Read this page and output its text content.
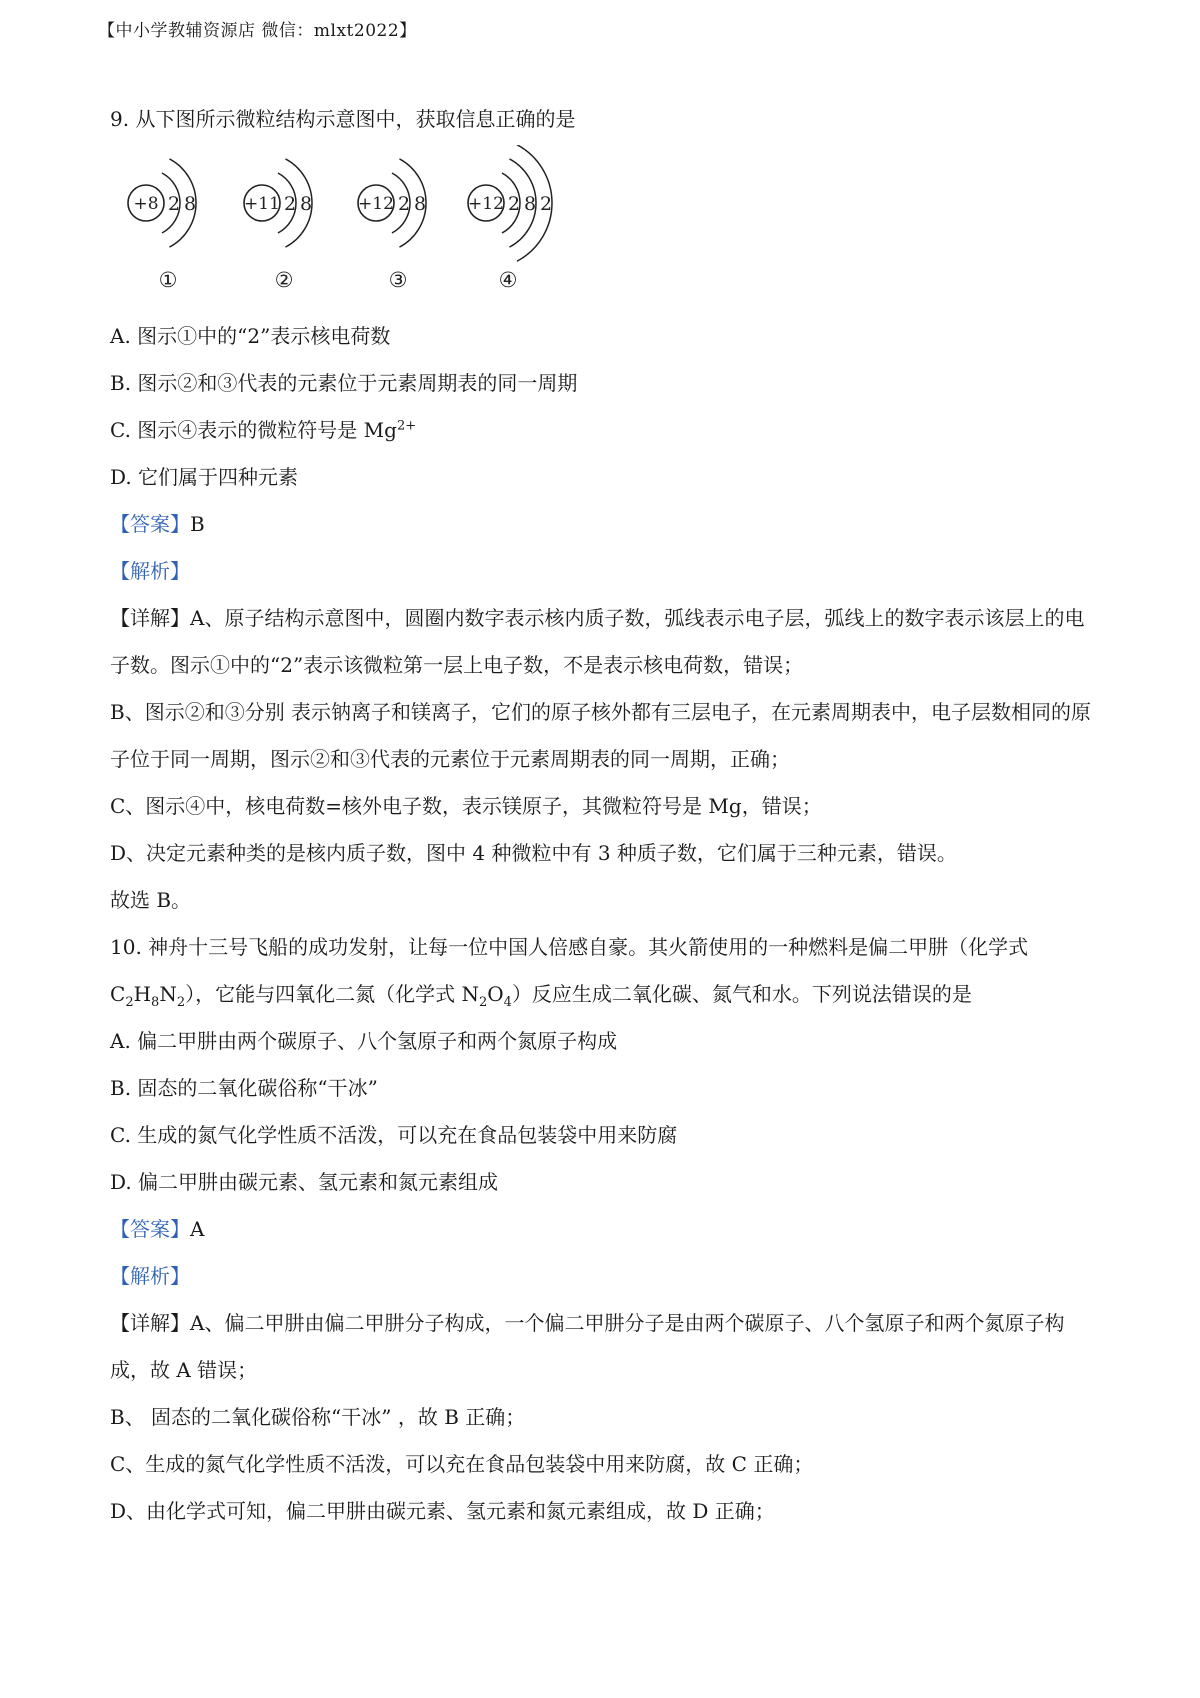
【中小学教辅资源店 微信：mlxt2022】
9. 从下图所示微粒结构示意图中，获取信息正确的是
+8 2 8
①
+11 2 8
②
+12 2 8
③
+12 2 8 2
④
A. 图示①中的“2”表示核电荷数
B. 图示②和③代表的元素位于元素周期表的同一周期
C. 图示④表示的微粒符号是 $Mg^{2+}$
D. 它们属于四种元素
【答案】B
【解析】
【详解】A、原子结构示意图中，圆圈内数字表示核内质子数，弧线表示电子层，弧线上的数字表示该层上的电子数。图示①中的“2”表示该微粒第一层上电子数，不是表示核电荷数，错误；
B、图示②和③分别 表示钠离子和镁离子，它们的原子核外都有三层电子，在元素周期表中，电子层数相同的原子位于同一周期，图示②和③代表的元素位于元素周期表的同一周期，正确；
C、图示④中，核电荷数=核外电子数，表示镁原子，其微粒符号是 Mg，错误；
D、决定元素种类的是核内质子数，图中 4 种微粒中有 3 种质子数，它们属于三种元素，错误。
故选 B。
10. 神舟十三号飞船的成功发射，让每一位中国人倍感自豪。其火箭使用的一种燃料是偏二甲肼（化学式
$C_2H_8N_2$），它能与四氧化二氮（化学式 $N_2O_4$）反应生成二氧化碳、氮气和水。下列说法错误的是
A. 偏二甲肼由两个碳原子、八个氢原子和两个氮原子构成
B. 固态的二氧化碳俗称“干冰”
C. 生成的氮气化学性质不活泼，可以充在食品包装袋中用来防腐
D. 偏二甲肼由碳元素、氢元素和氮元素组成
【答案】A
【解析】
【详解】A、偏二甲肼由偏二甲肼分子构成，一个偏二甲肼分子是由两个碳原子、八个氢原子和两个氮原子构成，故 A 错误；
B、 固态的二氧化碳俗称“干冰” ，故 B 正确；
C、生成的氮气化学性质不活泼，可以充在食品包装袋中用来防腐，故 C 正确；
D、由化学式可知，偏二甲肼由碳元素、氢元素和氮元素组成，故 D 正确；
